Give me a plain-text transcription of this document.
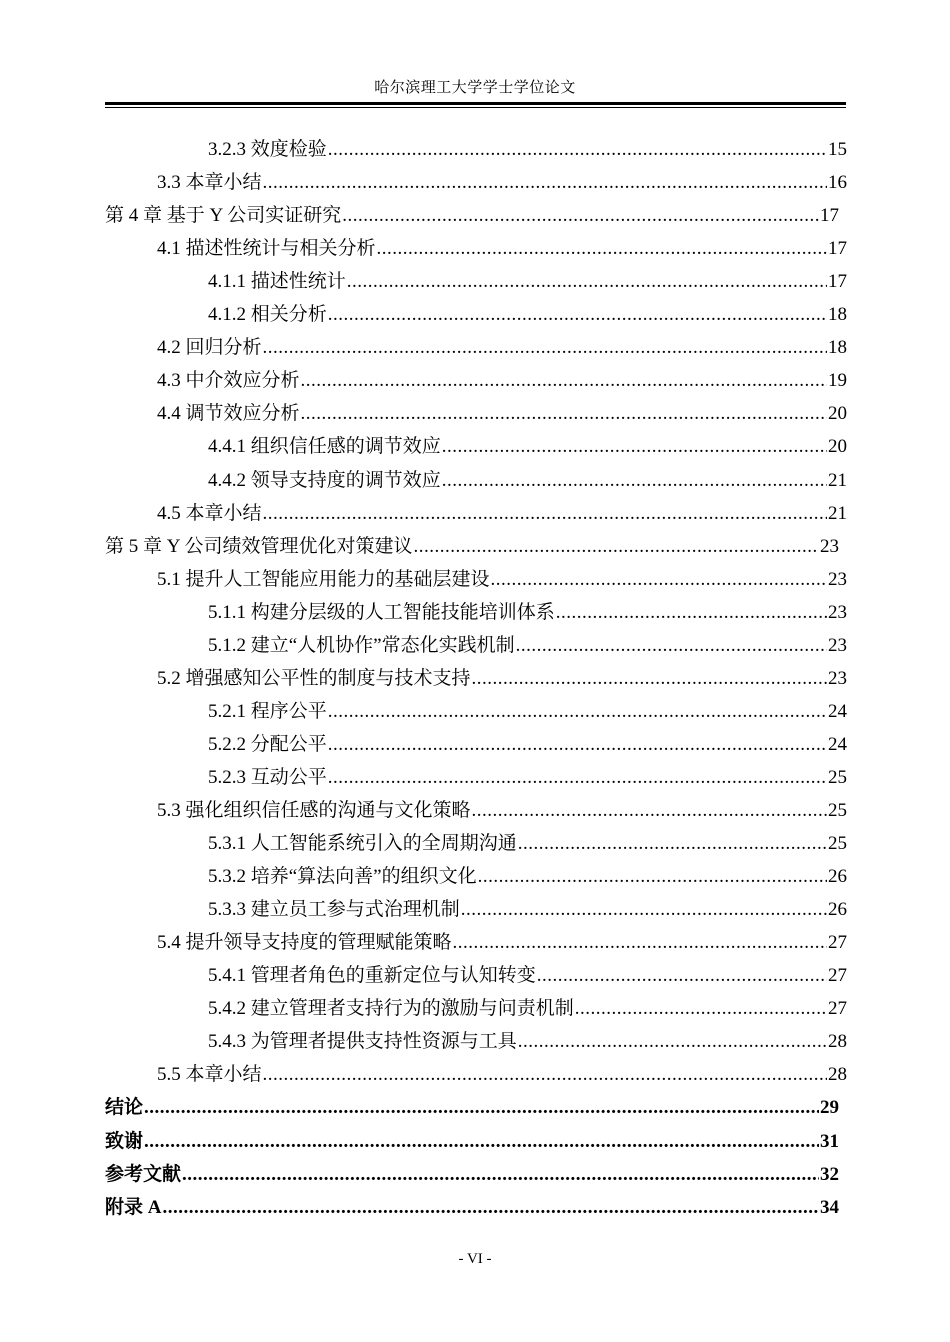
哈尔滨理工大学学士学位论文
3.2.3 效度检验 .....	15
3.3 本章小结 .....	16
第 4 章 基于 Y 公司实证研究 .....	17
4.1 描述性统计与相关分析 .....	17
4.1.1 描述性统计 .....	17
4.1.2 相关分析 .....	18
4.2 回归分析 .....	18
4.3 中介效应分析 .....	19
4.4 调节效应分析 .....	20
4.4.1 组织信任感的调节效应 .....	20
4.4.2 领导支持度的调节效应 .....	21
4.5 本章小结 .....	21
第 5 章 Y 公司绩效管理优化对策建议 .....	23
5.1 提升人工智能应用能力的基础层建设 .....	23
5.1.1 构建分层级的人工智能技能培训体系 .....	23
5.1.2 建立“人机协作”常态化实践机制 .....	23
5.2 增强感知公平性的制度与技术支持 .....	23
5.2.1 程序公平 .....	24
5.2.2 分配公平 .....	24
5.2.3 互动公平 .....	25
5.3 强化组织信任感的沟通与文化策略 .....	25
5.3.1 人工智能系统引入的全周期沟通 .....	25
5.3.2 培养“算法向善”的组织文化 .....	26
5.3.3 建立员工参与式治理机制 .....	26
5.4 提升领导支持度的管理赋能策略 .....	27
5.4.1 管理者角色的重新定位与认知转变 .....	27
5.4.2 建立管理者支持行为的激励与问责机制 .....	27
5.4.3 为管理者提供支持性资源与工具 .....	28
5.5 本章小结 .....	28
结论 .....	29
致谢 .....	31
参考文献 .....	32
附录 A .....	34
- VI -
